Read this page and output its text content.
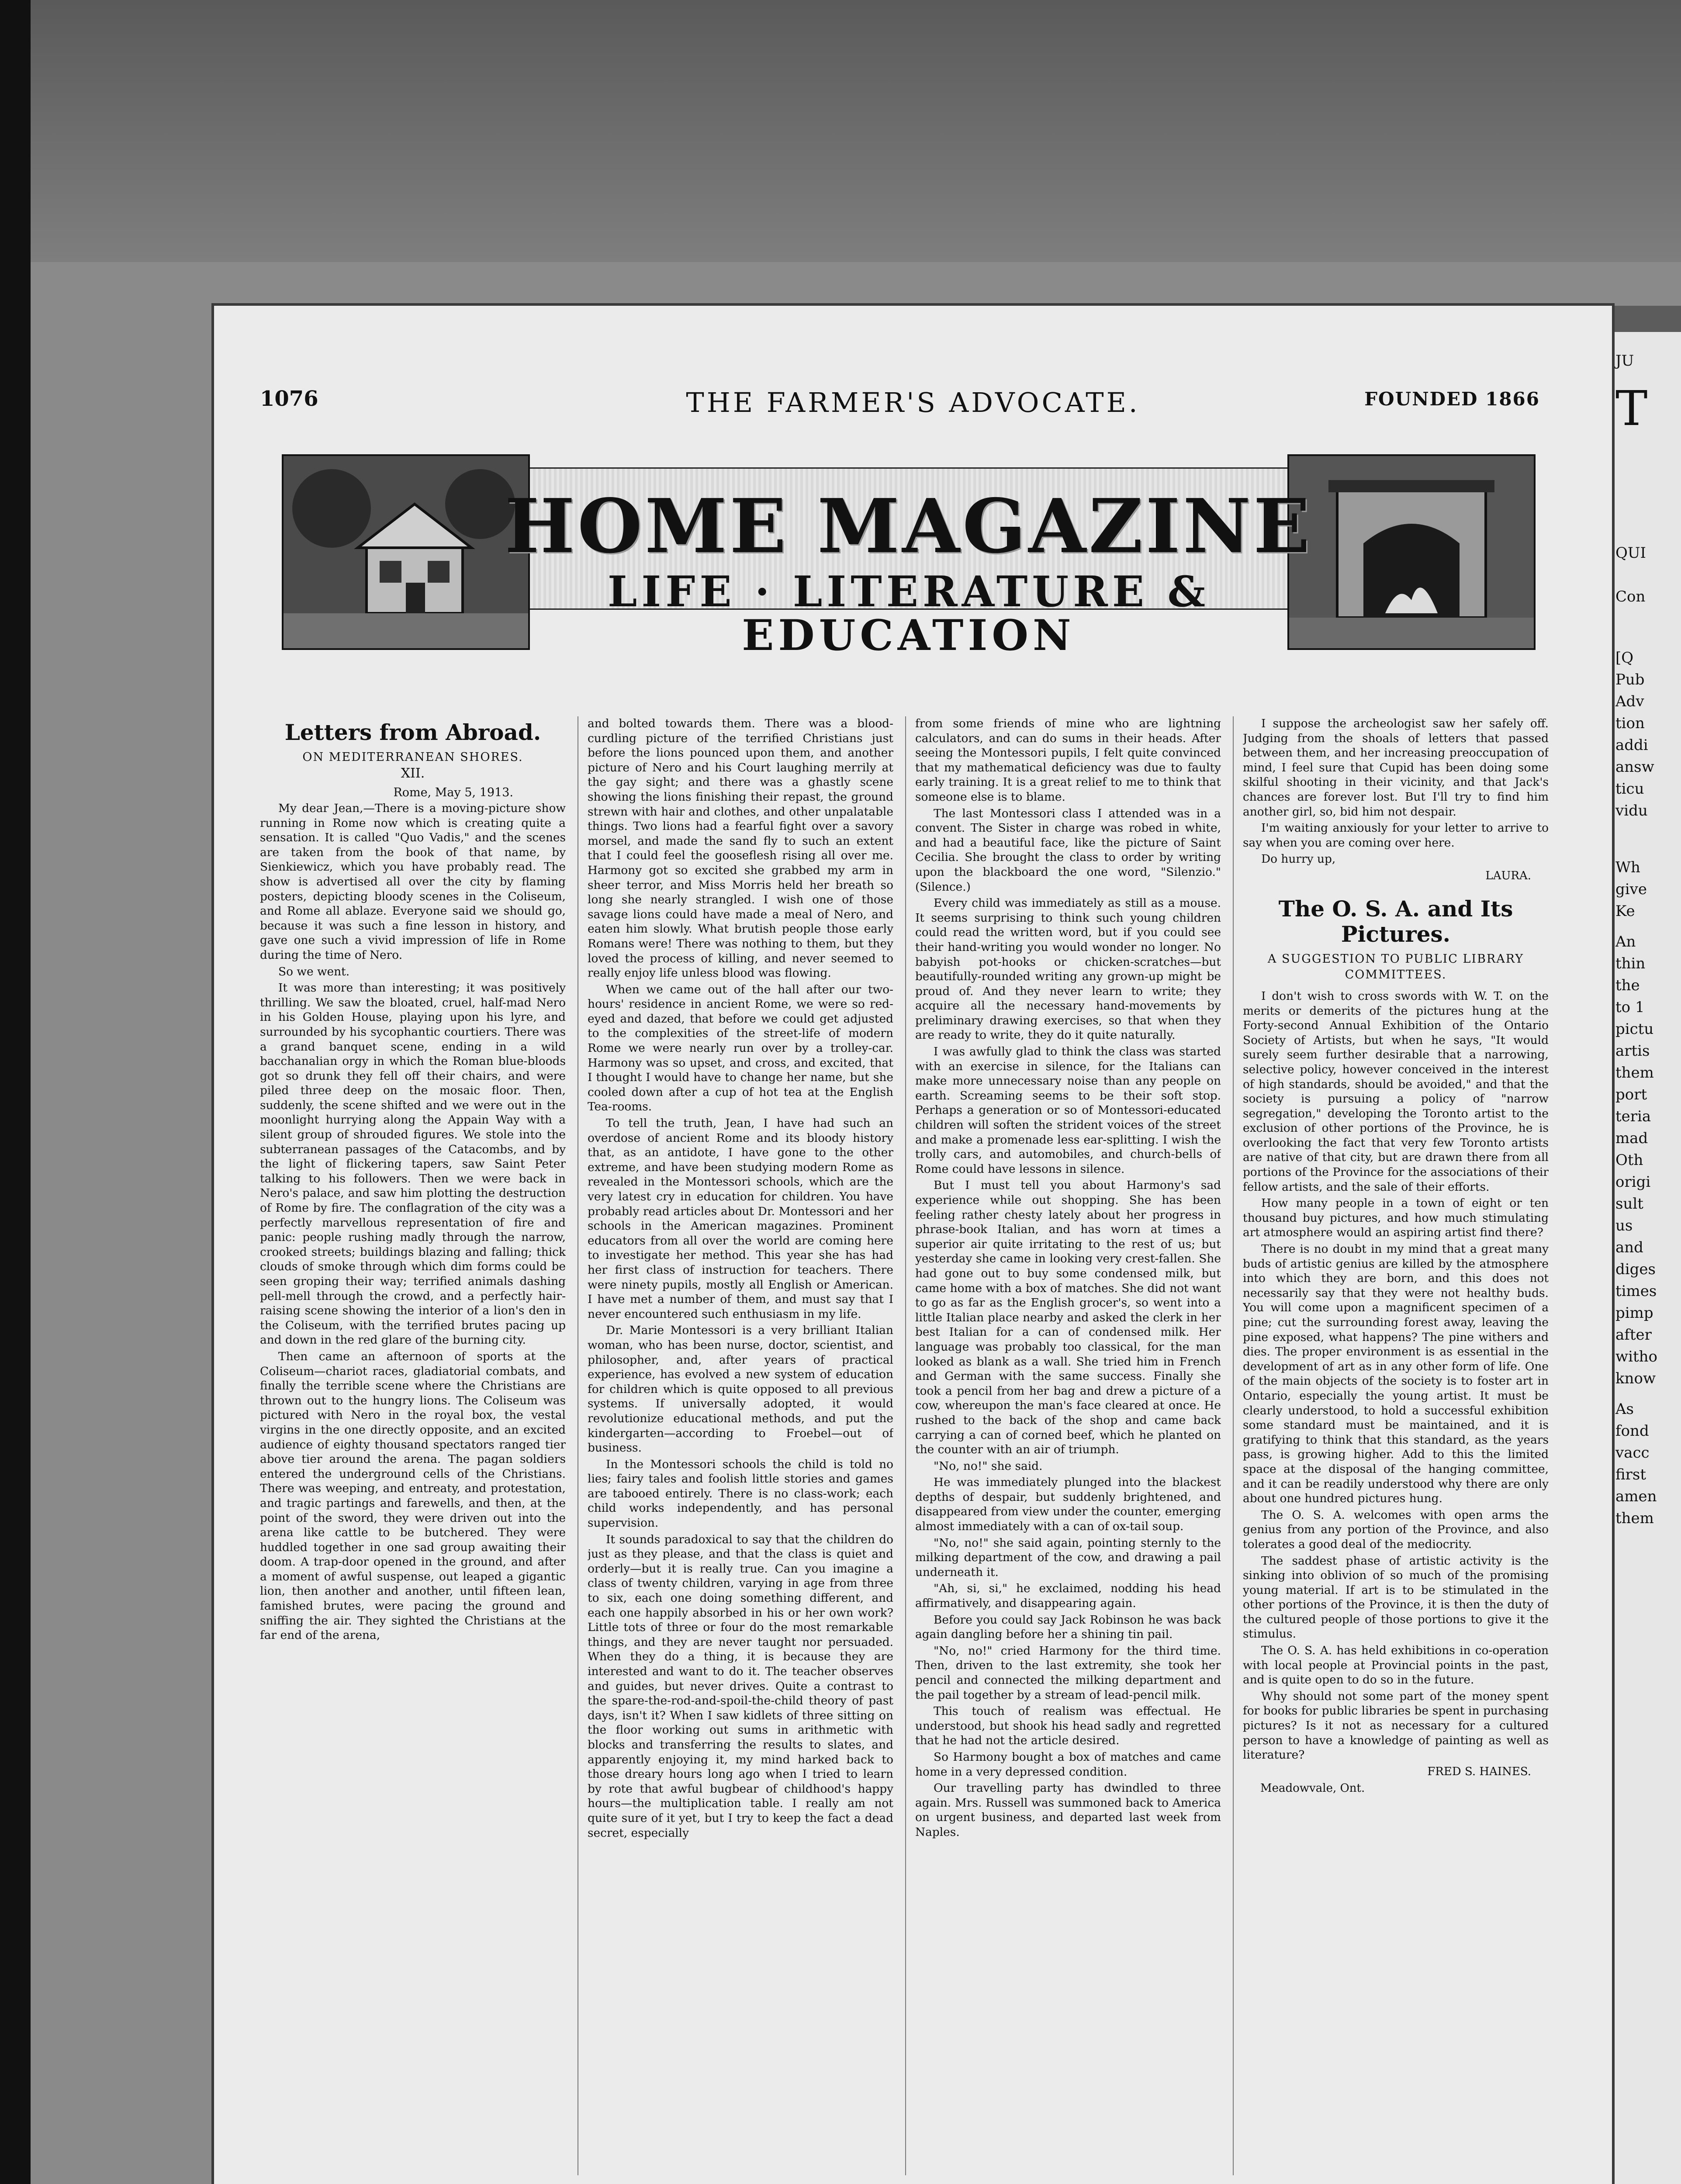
JU
T
QUI
Con
[Q
Pub
Adv
tion
addi
answ
ticu
vidu
Wh
give
Ke
An
thin
the
to 1
pictu
artis
them
port
teria
mad
Oth
origi
sult
us
and
diges
times
pimp
after
witho
know
As
fond
vacc
first
amen
them
THE FARMER'S ADVOCATE.
1076	FOUNDED 1866
HOME MAGAZINE
LIFE · LITERATURE &
EDUCATION
Letters from Abroad.

ON MEDITERRANEAN SHORES.

XII.

Rome, May 5, 1913.

My dear Jean,—There is a moving-picture show running in Rome now which is creating quite a sensation. It is called "Quo Vadis," and the scenes are taken from the book of that name, by Sienkiewicz, which you have probably read. The show is advertised all over the city by flaming posters, depicting bloody scenes in the Coliseum, and Rome all ablaze. Everyone said we should go, because it was such a fine lesson in history, and gave one such a vivid impression of life in Rome during the time of Nero.

So we went.

It was more than interesting; it was positively thrilling. We saw the bloated, cruel, half-mad Nero in his Golden House, playing upon his lyre, and surrounded by his sycophantic courtiers. There was a grand banquet scene, ending in a wild bacchanalian orgy in which the Roman blue-bloods got so drunk they fell off their chairs, and were piled three deep on the mosaic floor. Then, suddenly, the scene shifted and we were out in the moonlight hurrying along the Appain Way with a silent group of shrouded figures. We stole into the subterranean passages of the Catacombs, and by the light of flickering tapers, saw Saint Peter talking to his followers. Then we were back in Nero's palace, and saw him plotting the destruction of Rome by fire. The conflagration of the city was a perfectly marvellous representation of fire and panic: people rushing madly through the narrow, crooked streets; buildings blazing and falling; thick clouds of smoke through which dim forms could be seen groping their way; terrified animals dashing pell-mell through the crowd, and a perfectly hair-raising scene showing the interior of a lion's den in the Coliseum, with the terrified brutes pacing up and down in the red glare of the burning city.

Then came an afternoon of sports at the Coliseum—chariot races, gladiatorial combats, and finally the terrible scene where the Christians are thrown out to the hungry lions. The Coliseum was pictured with Nero in the royal box, the vestal virgins in the one directly opposite, and an excited audience of eighty thousand spectators ranged tier above tier around the arena. The pagan soldiers entered the underground cells of the Christians. There was weeping, and entreaty, and protestation, and tragic partings and farewells, and then, at the point of the sword, they were driven out into the arena like cattle to be butchered. They were huddled together in one sad group awaiting their doom. A trap-door opened in the ground, and after a moment of awful suspense, out leaped a gigantic lion, then another and another, until fifteen lean, famished brutes, were pacing the ground and sniffing the air. They sighted the Christians at the far end of the arena,

and bolted towards them. There was a blood-curdling picture of the terrified Christians just before the lions pounced upon them, and another picture of Nero and his Court laughing merrily at the gay sight; and there was a ghastly scene showing the lions finishing their repast, the ground strewn with hair and clothes, and other unpalatable things. Two lions had a fearful fight over a savory morsel, and made the sand fly to such an extent that I could feel the gooseflesh rising all over me. Harmony got so excited she grabbed my arm in sheer terror, and Miss Morris held her breath so long she nearly strangled. I wish one of those savage lions could have made a meal of Nero, and eaten him slowly. What brutish people those early Romans were! There was nothing to them, but they loved the process of killing, and never seemed to really enjoy life unless blood was flowing.

When we came out of the hall after our two-hours' residence in ancient Rome, we were so red-eyed and dazed, that before we could get adjusted to the complexities of the street-life of modern Rome we were nearly run over by a trolley-car. Harmony was so upset, and cross, and excited, that I thought I would have to change her name, but she cooled down after a cup of hot tea at the English Tea-rooms.

To tell the truth, Jean, I have had such an overdose of ancient Rome and its bloody history that, as an antidote, I have gone to the other extreme, and have been studying modern Rome as revealed in the Montessori schools, which are the very latest cry in education for children. You have probably read articles about Dr. Montessori and her schools in the American magazines. Prominent educators from all over the world are coming here to investigate her method. This year she has had her first class of instruction for teachers. There were ninety pupils, mostly all English or American. I have met a number of them, and must say that I never encountered such enthusiasm in my life.

Dr. Marie Montessori is a very brilliant Italian woman, who has been nurse, doctor, scientist, and philosopher, and, after years of practical experience, has evolved a new system of education for children which is quite opposed to all previous systems. If universally adopted, it would revolutionize educational methods, and put the kindergarten—according to Froebel—out of business.

In the Montessori schools the child is told no lies; fairy tales and foolish little stories and games are tabooed entirely. There is no class-work; each child works independently, and has personal supervision.

It sounds paradoxical to say that the children do just as they please, and that the class is quiet and orderly—but it is really true. Can you imagine a class of twenty children, varying in age from three to six, each one doing something different, and each one happily absorbed in his or her own work? Little tots of three or four do the most remarkable things, and they are never taught nor persuaded. When they do a thing, it is because they are interested and want to do it. The teacher observes and guides, but never drives. Quite a contrast to the spare-the-rod-and-spoil-the-child theory of past days, isn't it? When I saw kidlets of three sitting on the floor working out sums in arithmetic with blocks and transferring the results to slates, and apparently enjoying it, my mind harked back to those dreary hours long ago when I tried to learn by rote that awful bugbear of childhood's happy hours—the multiplication table. I really am not quite sure of it yet, but I try to keep the fact a dead secret, especially

from some friends of mine who are lightning calculators, and can do sums in their heads. After seeing the Montessori pupils, I felt quite convinced that my mathematical deficiency was due to faulty early training. It is a great relief to me to think that someone else is to blame.

The last Montessori class I attended was in a convent. The Sister in charge was robed in white, and had a beautiful face, like the picture of Saint Cecilia. She brought the class to order by writing upon the blackboard the one word, "Silenzio." (Silence.)

Every child was immediately as still as a mouse. It seems surprising to think such young children could read the written word, but if you could see their hand-writing you would wonder no longer. No babyish pot-hooks or chicken-scratches—but beautifully-rounded writing any grown-up might be proud of. And they never learn to write; they acquire all the necessary hand-movements by preliminary drawing exercises, so that when they are ready to write, they do it quite naturally.

I was awfully glad to think the class was started with an exercise in silence, for the Italians can make more unnecessary noise than any people on earth. Screaming seems to be their soft stop. Perhaps a generation or so of Montessori-educated children will soften the strident voices of the street and make a promenade less ear-splitting. I wish the trolly cars, and automobiles, and church-bells of Rome could have lessons in silence.

But I must tell you about Harmony's sad experience while out shopping. She has been feeling rather chesty lately about her progress in phrase-book Italian, and has worn at times a superior air quite irritating to the rest of us; but yesterday she came in looking very crest-fallen. She had gone out to buy some condensed milk, but came home with a box of matches. She did not want to go as far as the English grocer's, so went into a little Italian place nearby and asked the clerk in her best Italian for a can of condensed milk. Her language was probably too classical, for the man looked as blank as a wall. She tried him in French and German with the same success. Finally she took a pencil from her bag and drew a picture of a cow, whereupon the man's face cleared at once. He rushed to the back of the shop and came back carrying a can of corned beef, which he planted on the counter with an air of triumph.

"No, no!" she said.

He was immediately plunged into the blackest depths of despair, but suddenly brightened, and disappeared from view under the counter, emerging almost immediately with a can of ox-tail soup.

"No, no!" she said again, pointing sternly to the milking department of the cow, and drawing a pail underneath it.

"Ah, si, si," he exclaimed, nodding his head affirmatively, and disappearing again.

Before you could say Jack Robinson he was back again dangling before her a shining tin pail.

"No, no!" cried Harmony for the third time. Then, driven to the last extremity, she took her pencil and connected the milking department and the pail together by a stream of lead-pencil milk.

This touch of realism was effectual. He understood, but shook his head sadly and regretted that he had not the article desired.

So Harmony bought a box of matches and came home in a very depressed condition.

Our travelling party has dwindled to three again. Mrs. Russell was summoned back to America on urgent business, and departed last week from Naples.

I suppose the archeologist saw her safely off. Judging from the shoals of letters that passed between them, and her increasing preoccupation of mind, I feel sure that Cupid has been doing some skilful shooting in their vicinity, and that Jack's chances are forever lost. But I'll try to find him another girl, so, bid him not despair.

I'm waiting anxiously for your letter to arrive to say when you are coming over here.

Do hurry up,

LAURA.

The O. S. A. and Its Pictures.

A SUGGESTION TO PUBLIC LIBRARY COMMITTEES.

I don't wish to cross swords with W. T. on the merits or demerits of the pictures hung at the Forty-second Annual Exhibition of the Ontario Society of Artists, but when he says, "It would surely seem further desirable that a narrowing, selective policy, however conceived in the interest of high standards, should be avoided," and that the society is pursuing a policy of "narrow segregation," developing the Toronto artist to the exclusion of other portions of the Province, he is overlooking the fact that very few Toronto artists are native of that city, but are drawn there from all portions of the Province for the associations of their fellow artists, and the sale of their efforts.

How many people in a town of eight or ten thousand buy pictures, and how much stimulating art atmosphere would an aspiring artist find there?

There is no doubt in my mind that a great many buds of artistic genius are killed by the atmosphere into which they are born, and this does not necessarily say that they were not healthy buds. You will come upon a magnificent specimen of a pine; cut the surrounding forest away, leaving the pine exposed, what happens? The pine withers and dies. The proper environment is as essential in the development of art as in any other form of life. One of the main objects of the society is to foster art in Ontario, especially the young artist. It must be clearly understood, to hold a successful exhibition some standard must be maintained, and it is gratifying to think that this standard, as the years pass, is growing higher. Add to this the limited space at the disposal of the hanging committee, and it can be readily understood why there are only about one hundred pictures hung.

The O. S. A. welcomes with open arms the genius from any portion of the Province, and also tolerates a good deal of the mediocrity.

The saddest phase of artistic activity is the sinking into oblivion of so much of the promising young material. If art is to be stimulated in the other portions of the Province, it is then the duty of the cultured people of those portions to give it the stimulus.

The O. S. A. has held exhibitions in co-operation with local people at Provincial points in the past, and is quite open to do so in the future.

Why should not some part of the money spent for books for public libraries be spent in purchasing pictures? Is it not as necessary for a cultured person to have a knowledge of painting as well as literature?

FRED S. HAINES.

Meadowvale, Ont.
